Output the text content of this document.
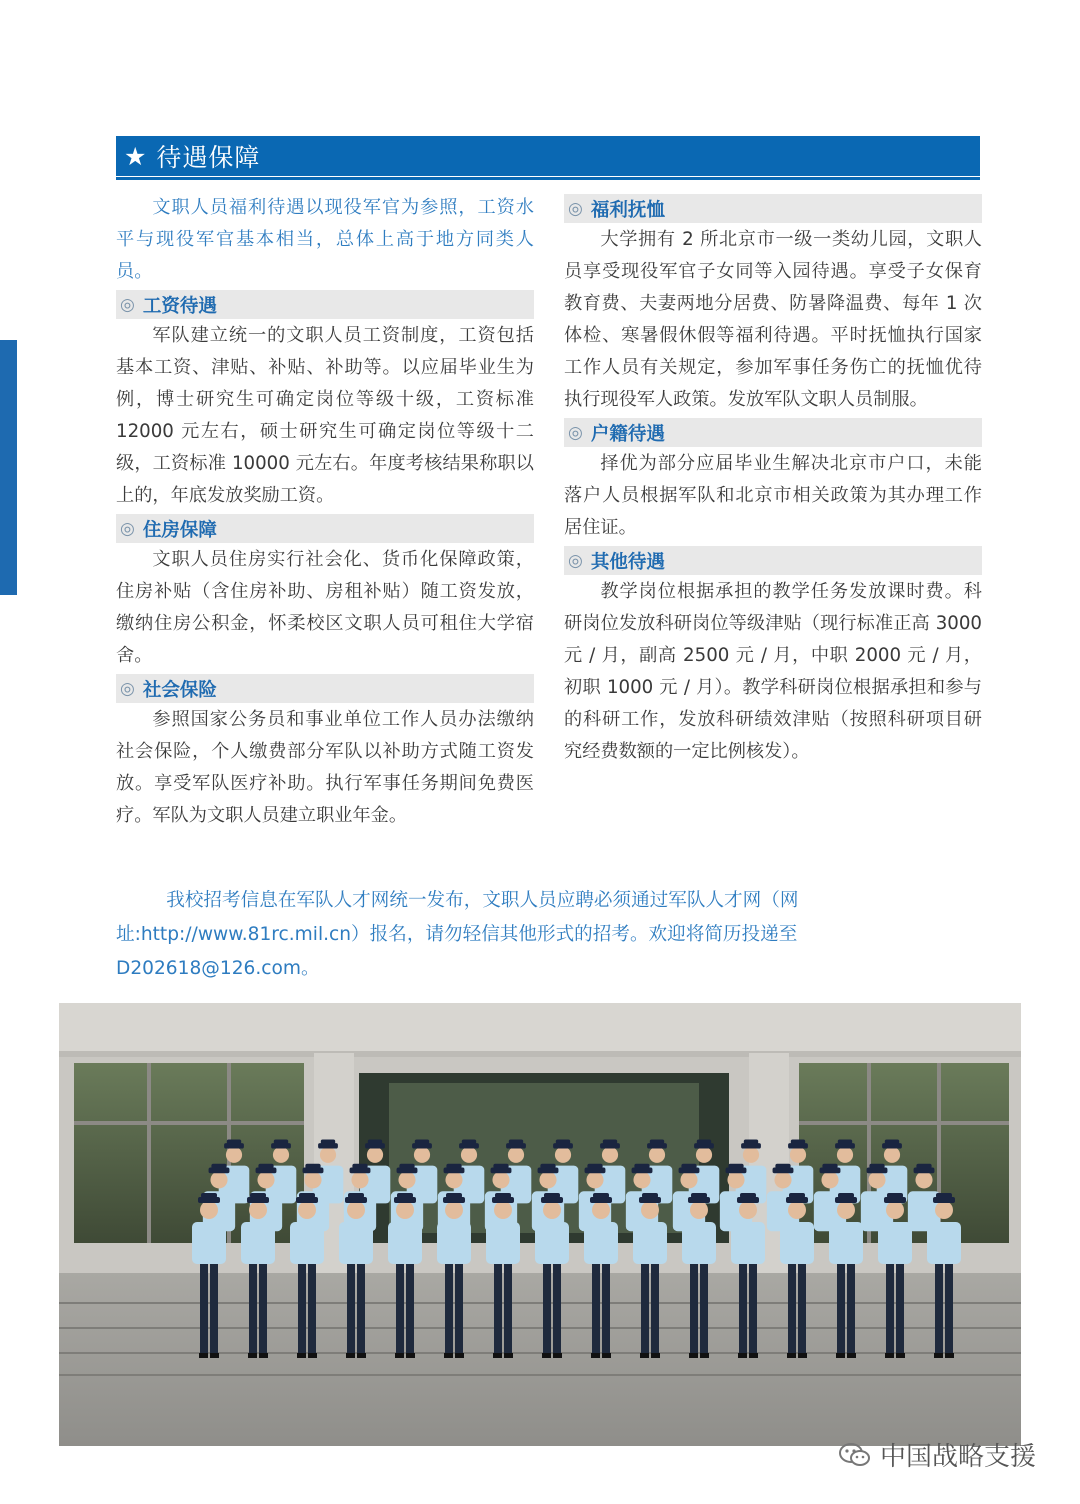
★ 待遇保障

文职人员福利待遇以现役军官为参照，工资水平与现役军官基本相当，总体上高于地方同类人员。

◎ 工资待遇

军队建立统一的文职人员工资制度，工资包括基本工资、津贴、补贴、补助等。以应届毕业生为例，博士研究生可确定岗位等级十级，工资标准 12000 元左右，硕士研究生可确定岗位等级十二级，工资标准 10000 元左右。年度考核结果称职以上的，年底发放奖励工资。

◎ 住房保障

文职人员住房实行社会化、货币化保障政策，住房补贴（含住房补助、房租补贴）随工资发放，缴纳住房公积金，怀柔校区文职人员可租住大学宿舍。

◎ 社会保险

参照国家公务员和事业单位工作人员办法缴纳社会保险，个人缴费部分军队以补助方式随工资发放。享受军队医疗补助。执行军事任务期间免费医疗。军队为文职人员建立职业年金。

◎ 福利抚恤

大学拥有 2 所北京市一级一类幼儿园，文职人员享受现役军官子女同等入园待遇。享受子女保育教育费、夫妻两地分居费、防暑降温费、每年 1 次体检、寒暑假休假等福利待遇。平时抚恤执行国家工作人员有关规定，参加军事任务伤亡的抚恤优待执行现役军人政策。发放军队文职人员制服。

◎ 户籍待遇

择优为部分应届毕业生解决北京市户口，未能落户人员根据军队和北京市相关政策为其办理工作居住证。

◎ 其他待遇

教学岗位根据承担的教学任务发放课时费。科研岗位发放科研岗位等级津贴（现行标准正高 3000 元 / 月，副高 2500 元 / 月，中职 2000 元 / 月，初职 1000 元 / 月）。教学科研岗位根据承担和参与的科研工作，发放科研绩效津贴（按照科研项目研究经费数额的一定比例核发）。

我校招考信息在军队人才网统一发布，文职人员应聘必须通过军队人才网（网址:http://www.81rc.mil.cn）报名，请勿轻信其他形式的招考。欢迎将简历投递至 D202618@126.com。

中国战略支援
